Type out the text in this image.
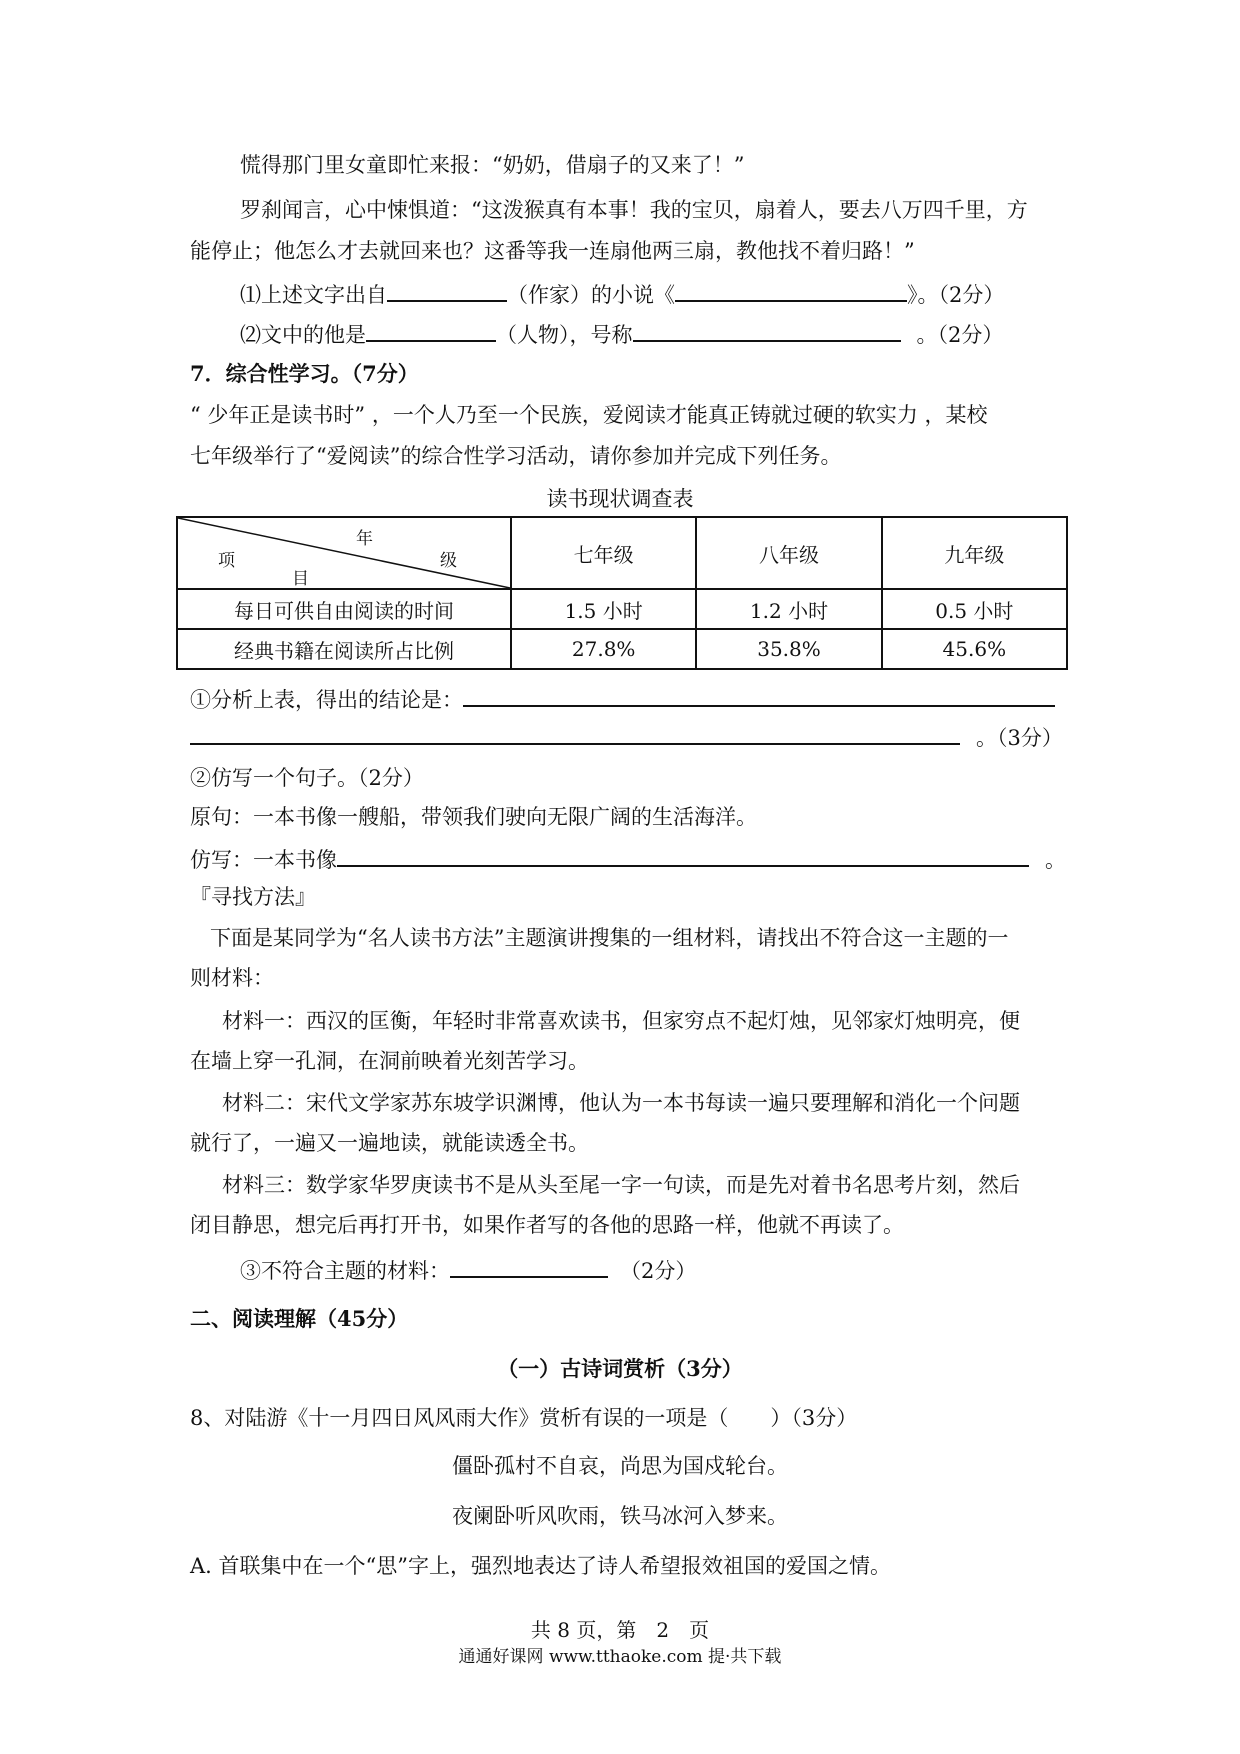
慌得那门里女童即忙来报：“奶奶，借扇子的又来了！”
罗刹闻言，心中悚惧道：“这泼猴真有本事！我的宝贝，扇着人，要去八万四千里，方
能停止；他怎么才去就回来也？这番等我一连扇他两三扇，教他找不着归路！”
⑴上述文字出自	（作家）的小说《	》。（2分）
⑵文中的他是	（人物），号称	。（2分）
7．综合性学习。（7分）
“ 少年正是读书时” ，一个人乃至一个民族，爱阅读才能真正铸就过硬的软实力 ，某校
七年级举行了“爱阅读”的综合性学习活动，请你参加并完成下列任务。
读书现状调查表
年
级
项
目	七年级	八年级	九年级
每日可供自由阅读的时间	1.5 小时	1.2 小时	0.5 小时
经典书籍在阅读所占比例	27.8%	35.8%	45.6%
①分析上表，得出的结论是：
。（3分）
②仿写一个句子。（2分）
原句：一本书像一艘船，带领我们驶向无限广阔的生活海洋。
仿写：一本书像	。
『寻找方法』
下面是某同学为“名人读书方法”主题演讲搜集的一组材料，请找出不符合这一主题的一
则材料：
材料一：西汉的匡衡，年轻时非常喜欢读书，但家穷点不起灯烛，见邻家灯烛明亮，便
在墙上穿一孔洞，在洞前映着光刻苦学习。
材料二：宋代文学家苏东坡学识渊博，他认为一本书每读一遍只要理解和消化一个问题
就行了，一遍又一遍地读，就能读透全书。
材料三：数学家华罗庚读书不是从头至尾一字一句读，而是先对着书名思考片刻，然后
闭目静思，想完后再打开书，如果作者写的各他的思路一样，他就不再读了。
③不符合主题的材料：	（2分）
二、阅读理解（45分）
（一）古诗词赏析（3分）
8、对陆游《十一月四日风风雨大作》赏析有误的一项是（　　）（3分）
僵卧孤村不自哀，尚思为国戍轮台。
夜阑卧听风吹雨，铁马冰河入梦来。
A. 首联集中在一个“思”字上，强烈地表达了诗人希望报效祖国的爱国之情。
共 8 页，第　2　页
通通好课网 www.tthaoke.com 提·共下载
